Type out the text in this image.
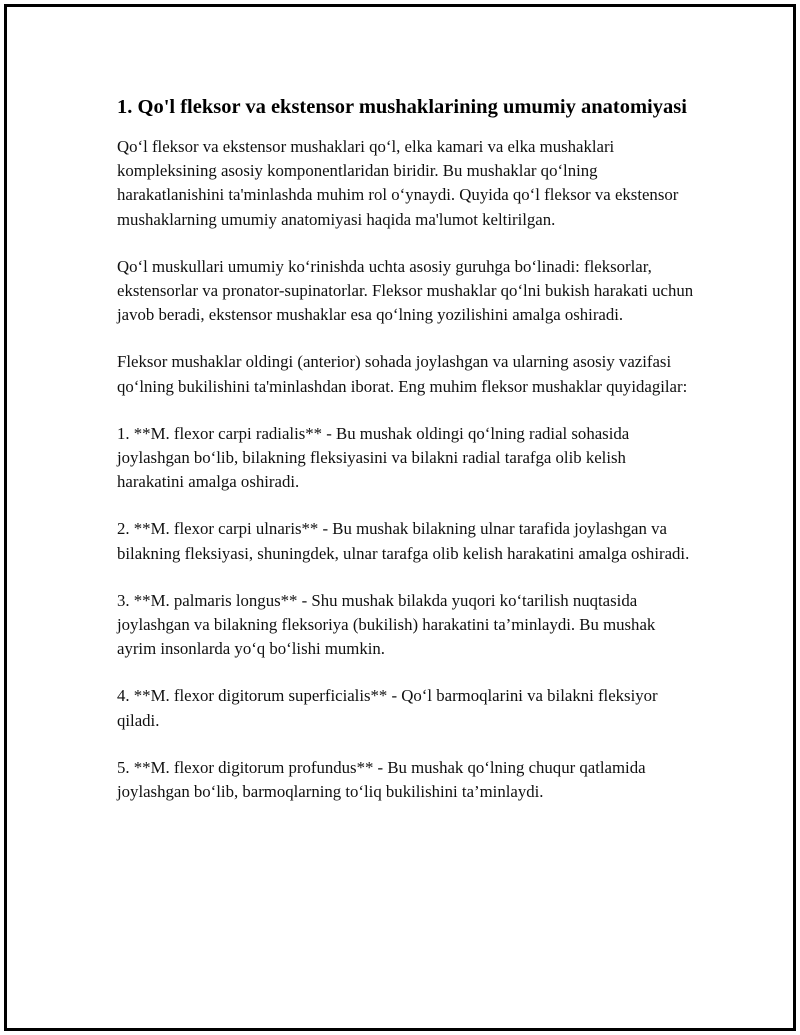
1. Qo'l fleksor va ekstensor mushaklarining umumiy anatomiyasi

Qo‘l fleksor va ekstensor mushaklari qo‘l, elka kamari va elka mushaklari kompleksining asosiy komponentlaridan biridir. Bu mushaklar qo‘lning harakatlanishini ta'minlashda muhim rol o‘ynaydi. Quyida qo‘l fleksor va ekstensor mushaklarning umumiy anatomiyasi haqida ma'lumot keltirilgan.

Qo‘l muskullari umumiy ko‘rinishda uchta asosiy guruhga bo‘linadi: fleksorlar, ekstensorlar va pronator-supinatorlar. Fleksor mushaklar qo‘lni bukish harakati uchun javob beradi, ekstensor mushaklar esa qo‘lning yozilishini amalga oshiradi.

Fleksor mushaklar oldingi (anterior) sohada joylashgan va ularning asosiy vazifasi qo‘lning bukilishini ta'minlashdan iborat. Eng muhim fleksor mushaklar quyidagilar:

1. **M. flexor carpi radialis** - Bu mushak oldingi qo‘lning radial sohasida joylashgan bo‘lib, bilakning fleksiyasini va bilakni radial tarafga olib kelish harakatini amalga oshiradi.

2. **M. flexor carpi ulnaris** - Bu mushak bilakning ulnar tarafida joylashgan va bilakning fleksiyasi, shuningdek, ulnar tarafga olib kelish harakatini amalga oshiradi.

3. **M. palmaris longus** - Shu mushak bilakda yuqori ko‘tarilish nuqtasida joylashgan va bilakning fleksoriya (bukilish) harakatini ta’minlaydi. Bu mushak ayrim insonlarda yo‘q bo‘lishi mumkin.

4. **M. flexor digitorum superficialis** - Qo‘l barmoqlarini va bilakni fleksiyor qiladi.

5. **M. flexor digitorum profundus** - Bu mushak qo‘lning chuqur qatlamida joylashgan bo‘lib, barmoqlarning to‘liq bukilishini ta’minlaydi.
